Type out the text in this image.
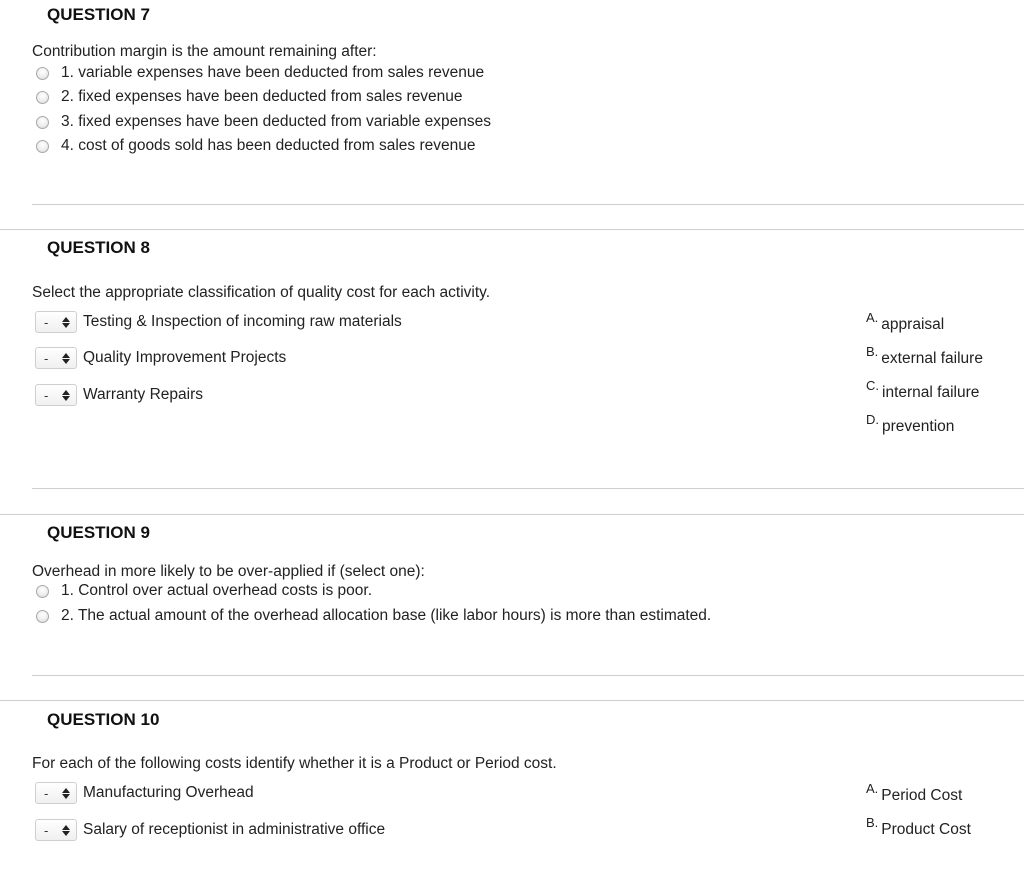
QUESTION 7
Contribution margin is the amount remaining after:
1. variable expenses have been deducted from sales revenue
2. fixed expenses have been deducted from sales revenue
3. fixed expenses have been deducted from variable expenses
4. cost of goods sold has been deducted from sales revenue
QUESTION 8
Select the appropriate classification of quality cost for each activity.
- Testing & Inspection of incoming raw materials
- Quality Improvement Projects
- Warranty Repairs
A. appraisal
B. external failure
C. internal failure
D. prevention
QUESTION 9
Overhead in more likely to be over-applied if (select one):
1. Control over actual overhead costs is poor.
2. The actual amount of the overhead allocation base (like labor hours) is more than estimated.
QUESTION 10
For each of the following costs identify whether it is a Product or Period cost.
- Manufacturing Overhead
- Salary of receptionist in administrative office
A. Period Cost
B. Product Cost
